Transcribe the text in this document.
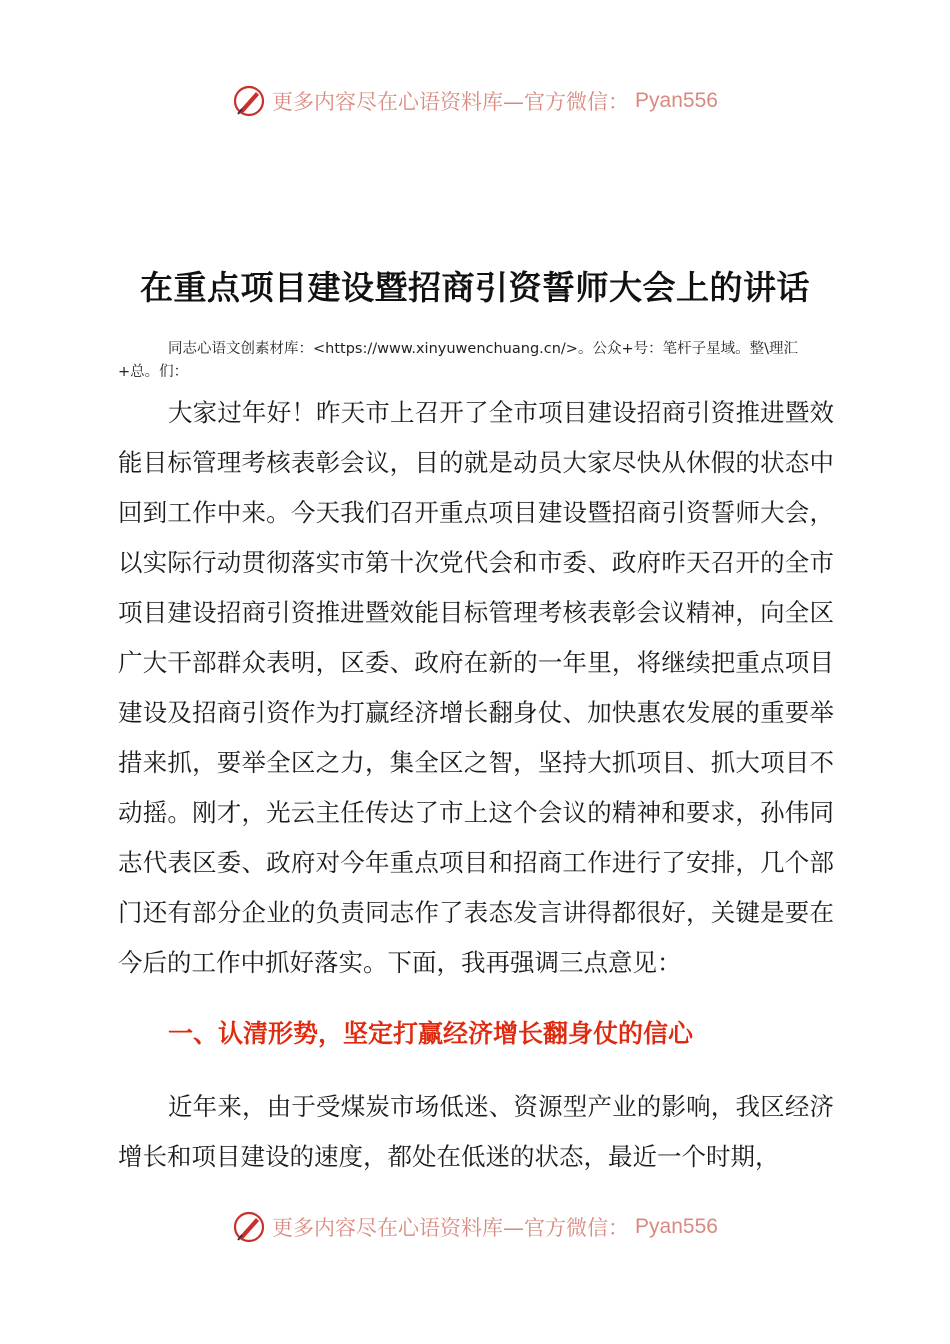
更多内容尽在心语资料库—官方微信： Pyan556
在重点项目建设暨招商引资誓师大会上的讲话
同志心语文创素材库：<https://www.xinyuwenchuang.cn/>。公众+号：笔杆子星域。整\理汇+总。们：

大家过年好！昨天市上召开了全市项目建设招商引资推进暨效能目标管理考核表彰会议，目的就是动员大家尽快从休假的状态中回到工作中来。今天我们召开重点项目建设暨招商引资誓师大会，以实际行动贯彻落实市第十次党代会和市委、政府昨天召开的全市项目建设招商引资推进暨效能目标管理考核表彰会议精神，向全区广大干部群众表明，区委、政府在新的一年里，将继续把重点项目建设及招商引资作为打赢经济增长翻身仗、加快惠农发展的重要举措来抓，要举全区之力，集全区之智，坚持大抓项目、抓大项目不动摇。刚才，光云主任传达了市上这个会议的精神和要求，孙伟同志代表区委、政府对今年重点项目和招商工作进行了安排，几个部门还有部分企业的负责同志作了表态发言讲得都很好，关键是要在今后的工作中抓好落实。下面，我再强调三点意见：

一、认清形势，坚定打赢经济增长翻身仗的信心

近年来，由于受煤炭市场低迷、资源型产业的影响，我区经济增长和项目建设的速度，都处在低迷的状态，最近一个时期，

更多内容尽在心语资料库—官方微信： Pyan556
